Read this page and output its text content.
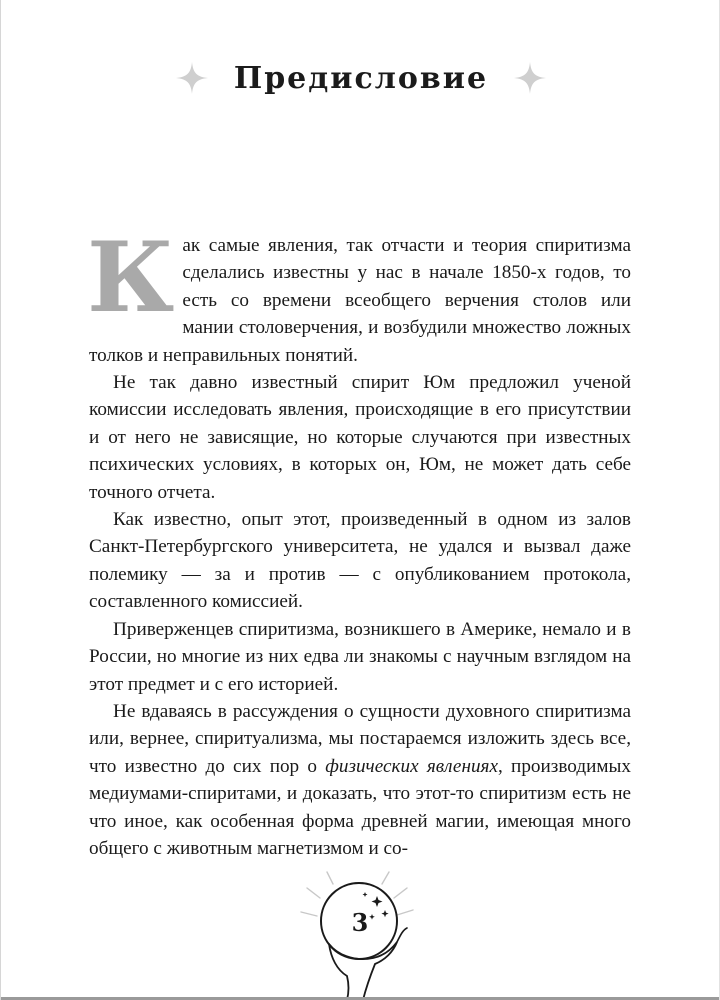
Предисловие

Как самые явления, так отчасти и теория спиритизма сделались известны у нас в начале 1850-х годов, то есть со времени всеобщего верчения столов или мании столоверчения, и возбудили множество ложных толков и неправильных понятий.

Не так давно известный спирит Юм предложил ученой комиссии исследовать явления, происходящие в его присутствии и от него не зависящие, но которые случаются при известных психических условиях, в которых он, Юм, не может дать себе точного отчета.

Как известно, опыт этот, произведенный в одном из залов Санкт-Петербургского университета, не удался и вызвал даже полемику — за и против — с опубликованием протокола, составленного комиссией.

Приверженцев спиритизма, возникшего в Америке, немало и в России, но многие из них едва ли знакомы с научным взглядом на этот предмет и с его историей.

Не вдаваясь в рассуждения о сущности духовного спиритизма или, вернее, спиритуализма, мы постараемся изложить здесь все, что известно до сих пор о физических явлениях, производимых медиумами-спиритами, и доказать, что этот-то спиритизм есть не что иное, как особенная форма древней магии, имеющая много общего с животным магнетизмом и со-

3
